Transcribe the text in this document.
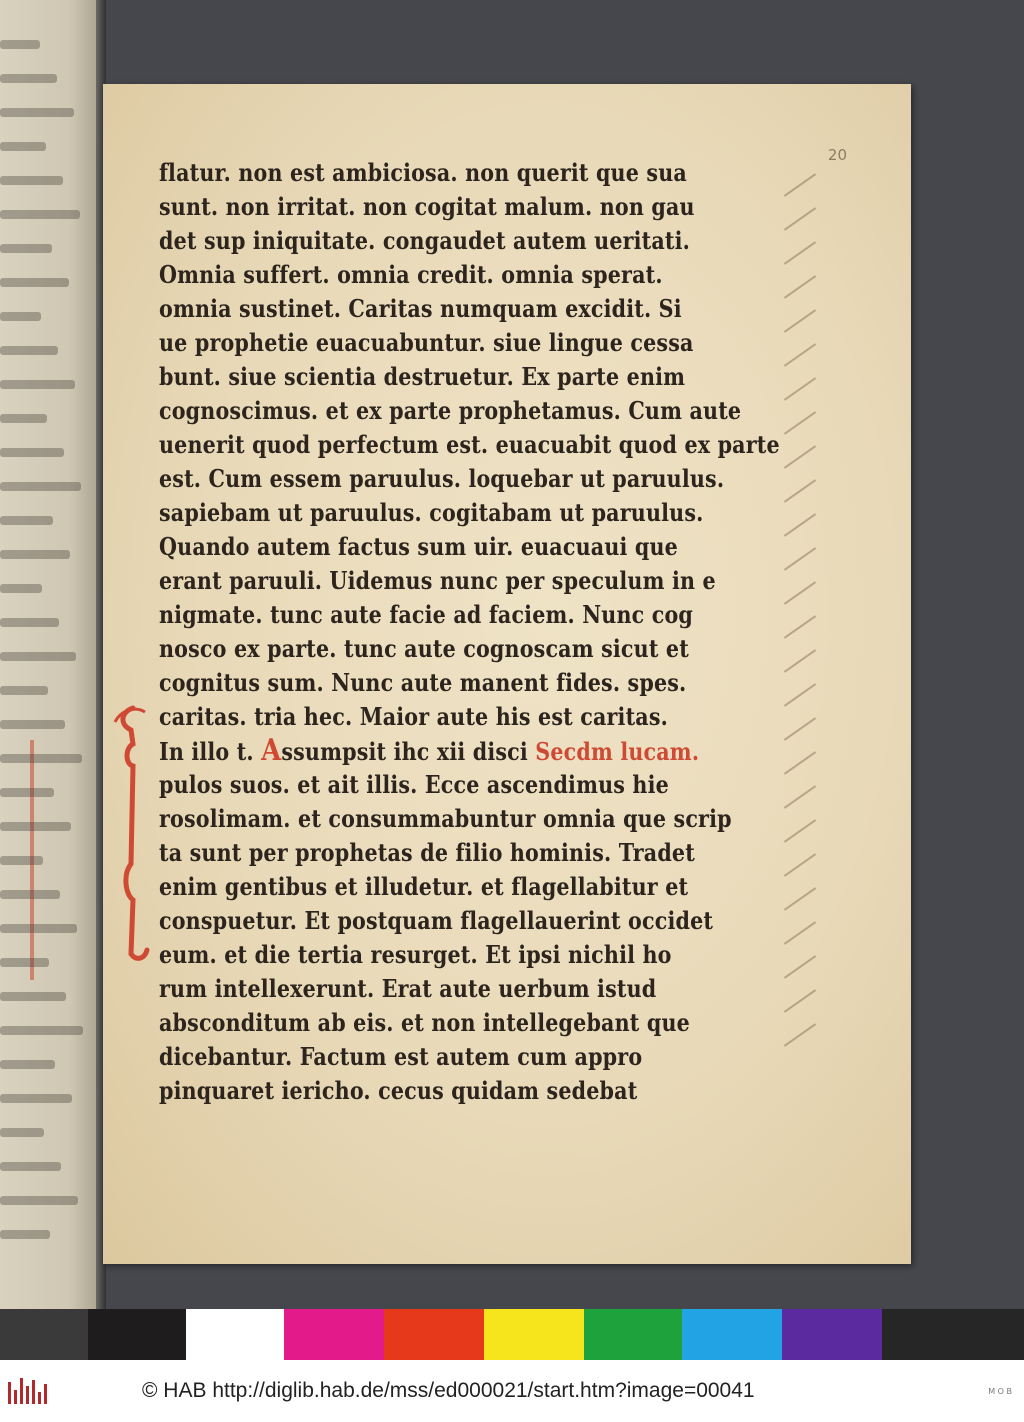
20
flatur. non est ambiciosa. non querit que sua
sunt. non irritat. non cogitat malum. non gau
det sup iniquitate. congaudet autem ueritati.
Omnia suffert. omnia credit. omnia sperat.
omnia sustinet. Caritas numquam excidit. Si
ue prophetie euacuabuntur. siue lingue cessa
bunt. siue scientia destruetur. Ex parte enim
cognoscimus. et ex parte prophetamus. Cum aute
uenerit quod perfectum est. euacuabit quod ex parte
est. Cum essem paruulus. loquebar ut paruulus.
sapiebam ut paruulus. cogitabam ut paruulus.
Quando autem factus sum uir. euacuaui que
erant paruuli. Uidemus nunc per speculum in e
nigmate. tunc aute facie ad faciem. Nunc cog
nosco ex parte. tunc aute cognoscam sicut et
cognitus sum. Nunc aute manent fides. spes.
caritas. tria hec. Maior aute his est caritas.
In illo t. Assumpsit ihc xii disci Secdm lucam.
pulos suos. et ait illis. Ecce ascendimus hie
rosolimam. et consummabuntur omnia que scrip
ta sunt per prophetas de filio hominis. Tradet
enim gentibus et illudetur. et flagellabitur et
conspuetur. Et postquam flagellauerint occidet
eum. et die tertia resurget. Et ipsi nichil ho
rum intellexerunt. Erat aute uerbum istud
absconditum ab eis. et non intellegebant que
dicebantur. Factum est autem cum appro
pinquaret iericho. cecus quidam sedebat
© HAB http://diglib.hab.de/mss/ed000021/start.htm?image=00041	M O B
